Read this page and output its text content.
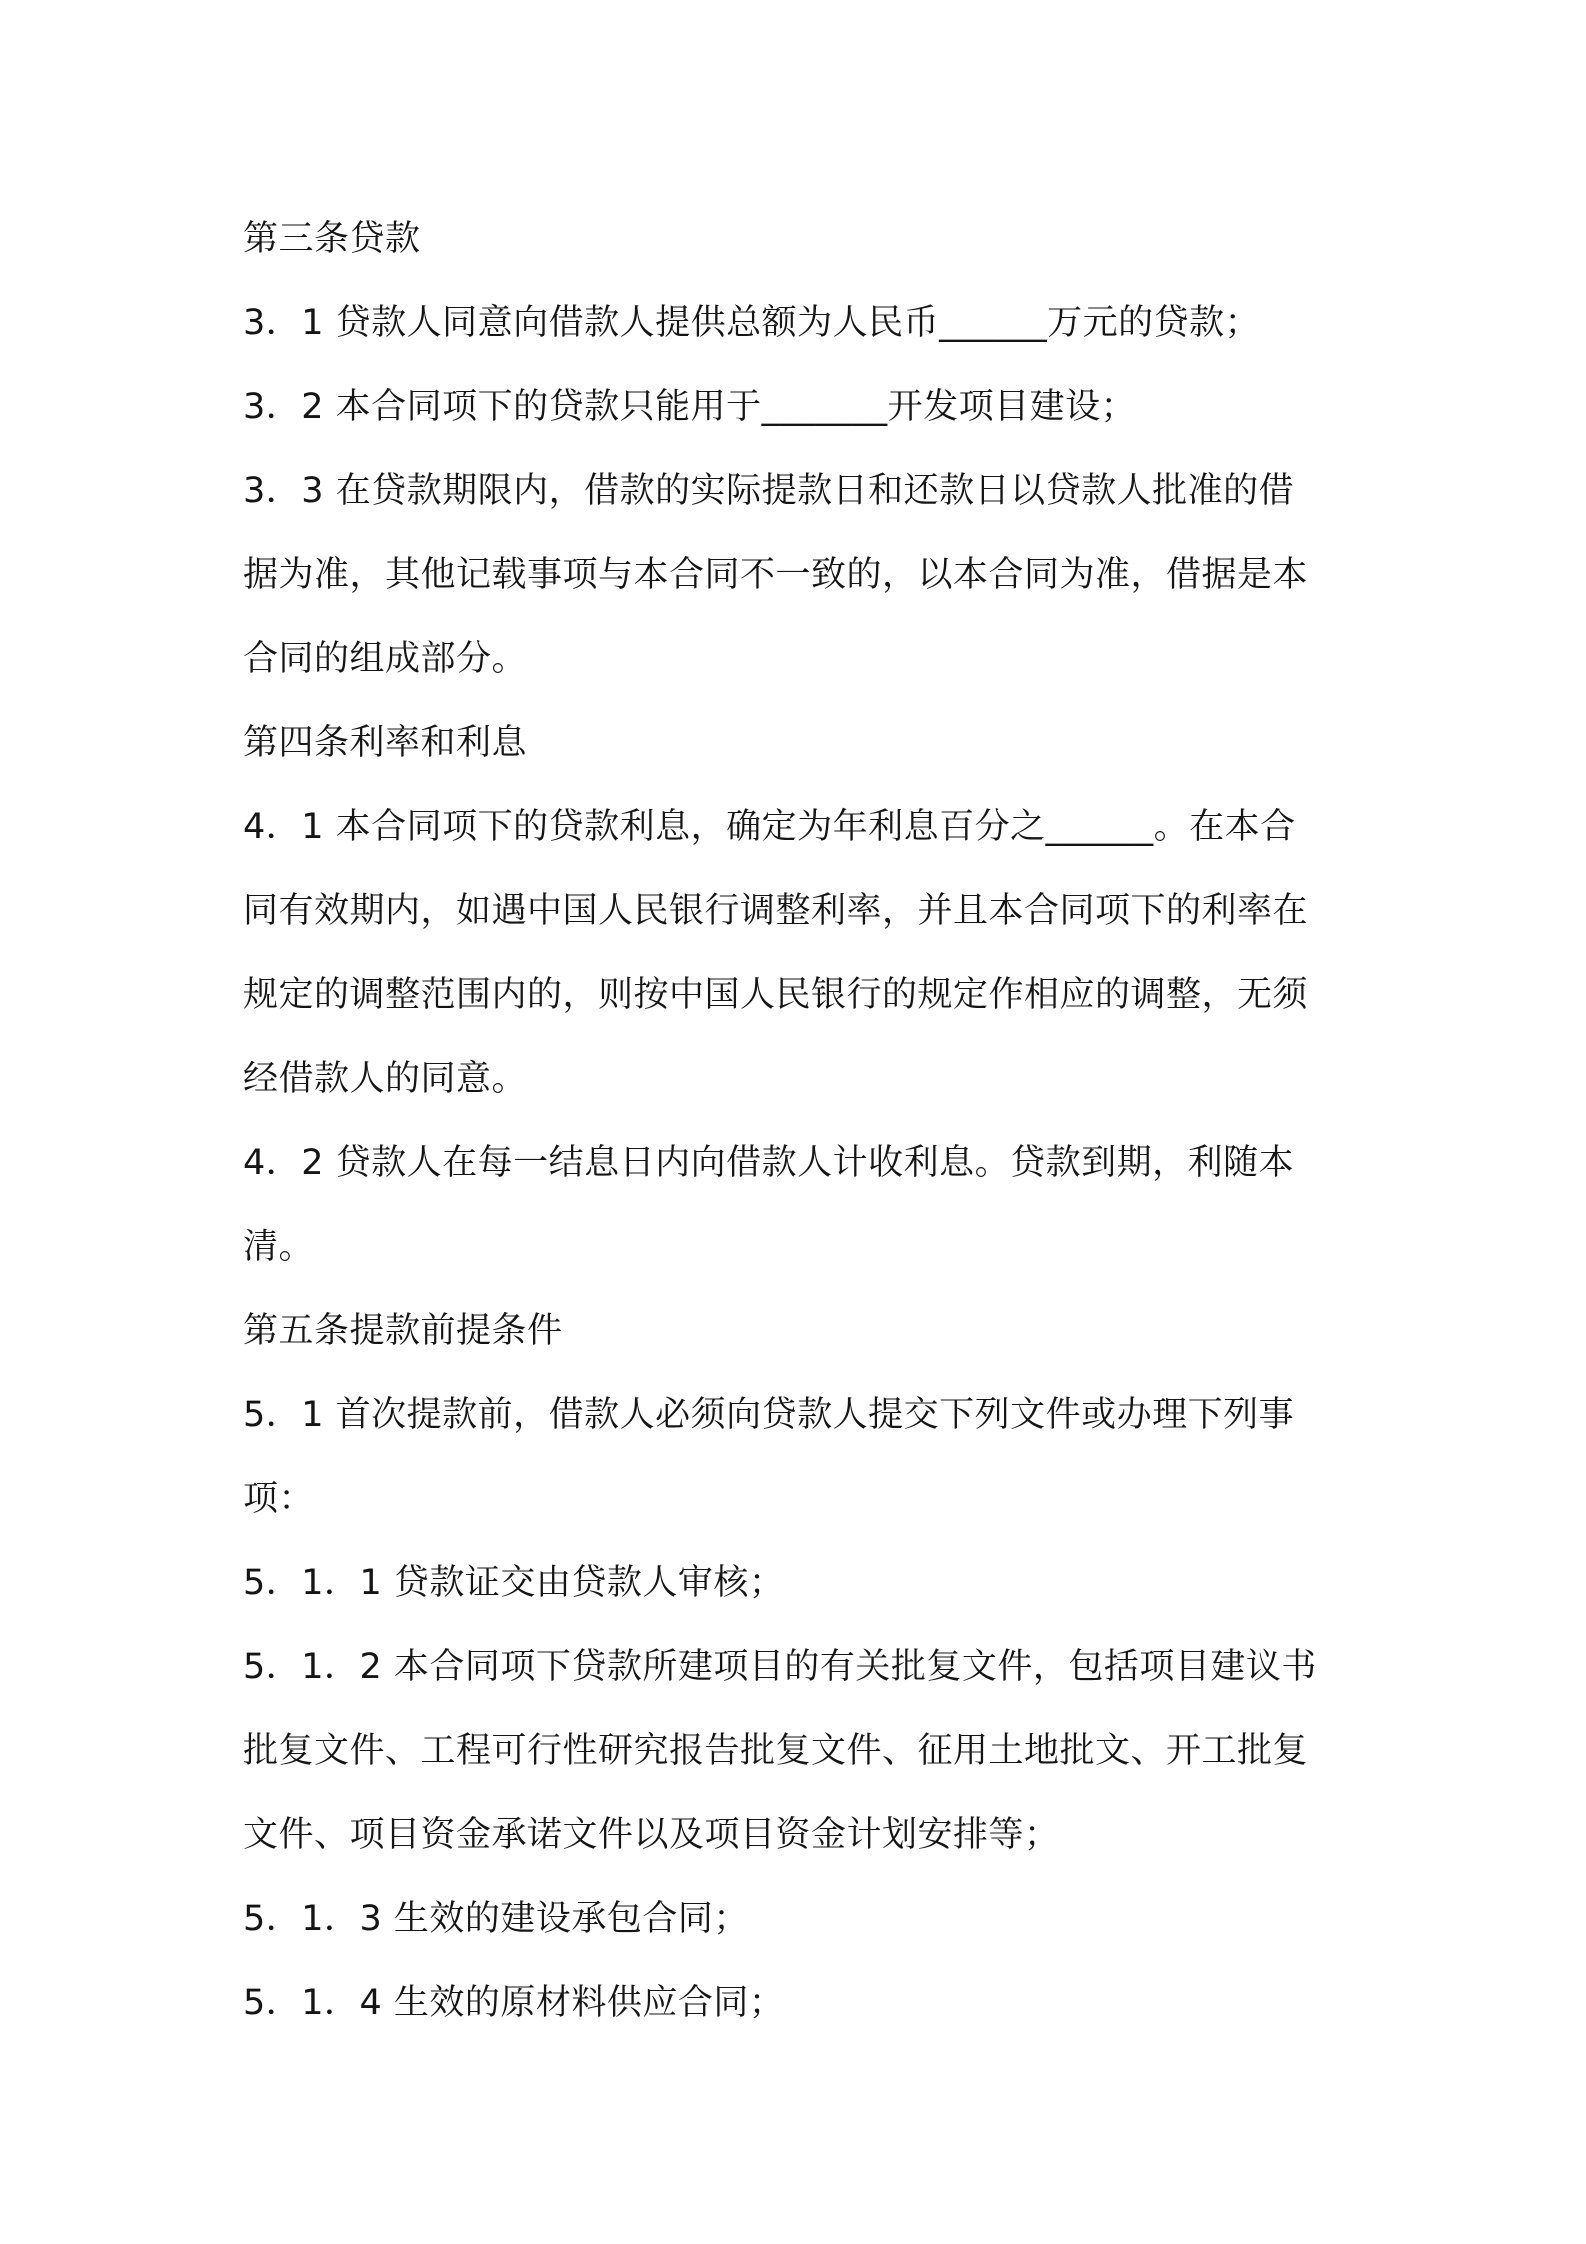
第三条贷款
3．1 贷款人同意向借款人提供总额为人民币______万元的贷款；
3．2 本合同项下的贷款只能用于_______开发项目建设；
3．3 在贷款期限内，借款的实际提款日和还款日以贷款人批准的借
据为准，其他记载事项与本合同不一致的，以本合同为准，借据是本
合同的组成部分。
第四条利率和利息
4．1 本合同项下的贷款利息，确定为年利息百分之______。在本合
同有效期内，如遇中国人民银行调整利率，并且本合同项下的利率在
规定的调整范围内的，则按中国人民银行的规定作相应的调整，无须
经借款人的同意。
4．2 贷款人在每一结息日内向借款人计收利息。贷款到期，利随本
清。
第五条提款前提条件
5．1 首次提款前，借款人必须向贷款人提交下列文件或办理下列事
项：
5．1．1 贷款证交由贷款人审核；
5．1．2 本合同项下贷款所建项目的有关批复文件，包括项目建议书
批复文件、工程可行性研究报告批复文件、征用土地批文、开工批复
文件、项目资金承诺文件以及项目资金计划安排等；
5．1．3 生效的建设承包合同；
5．1．4 生效的原材料供应合同；
